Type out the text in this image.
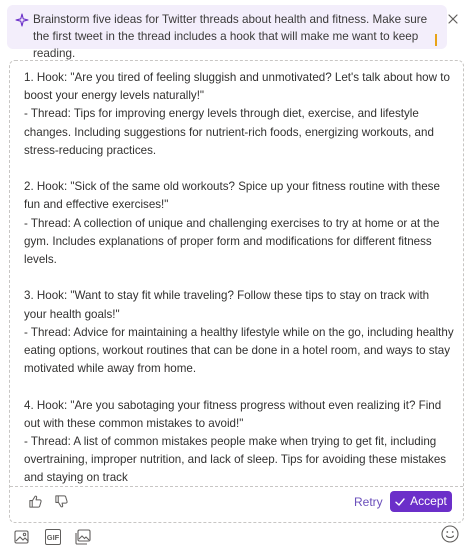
Brainstorm five ideas for Twitter threads about health and fitness. Make sure the first tweet in the thread includes a hook that will make me want to keep reading.
1. Hook: "Are you tired of feeling sluggish and unmotivated? Let's talk about how to boost your energy levels naturally!"
- Thread: Tips for improving energy levels through diet, exercise, and lifestyle changes. Including suggestions for nutrient-rich foods, energizing workouts, and stress-reducing practices.

2. Hook: "Sick of the same old workouts? Spice up your fitness routine with these fun and effective exercises!"
- Thread: A collection of unique and challenging exercises to try at home or at the gym. Includes explanations of proper form and modifications for different fitness levels.

3. Hook: "Want to stay fit while traveling? Follow these tips to stay on track with your health goals!"
- Thread: Advice for maintaining a healthy lifestyle while on the go, including healthy eating options, workout routines that can be done in a hotel room, and ways to stay motivated while away from home.

4. Hook: "Are you sabotaging your fitness progress without even realizing it? Find out with these common mistakes to avoid!"
- Thread: A list of common mistakes people make when trying to get fit, including overtraining, improper nutrition, and lack of sleep. Tips for avoiding these mistakes and staying on track
Retry Accept
GIF
